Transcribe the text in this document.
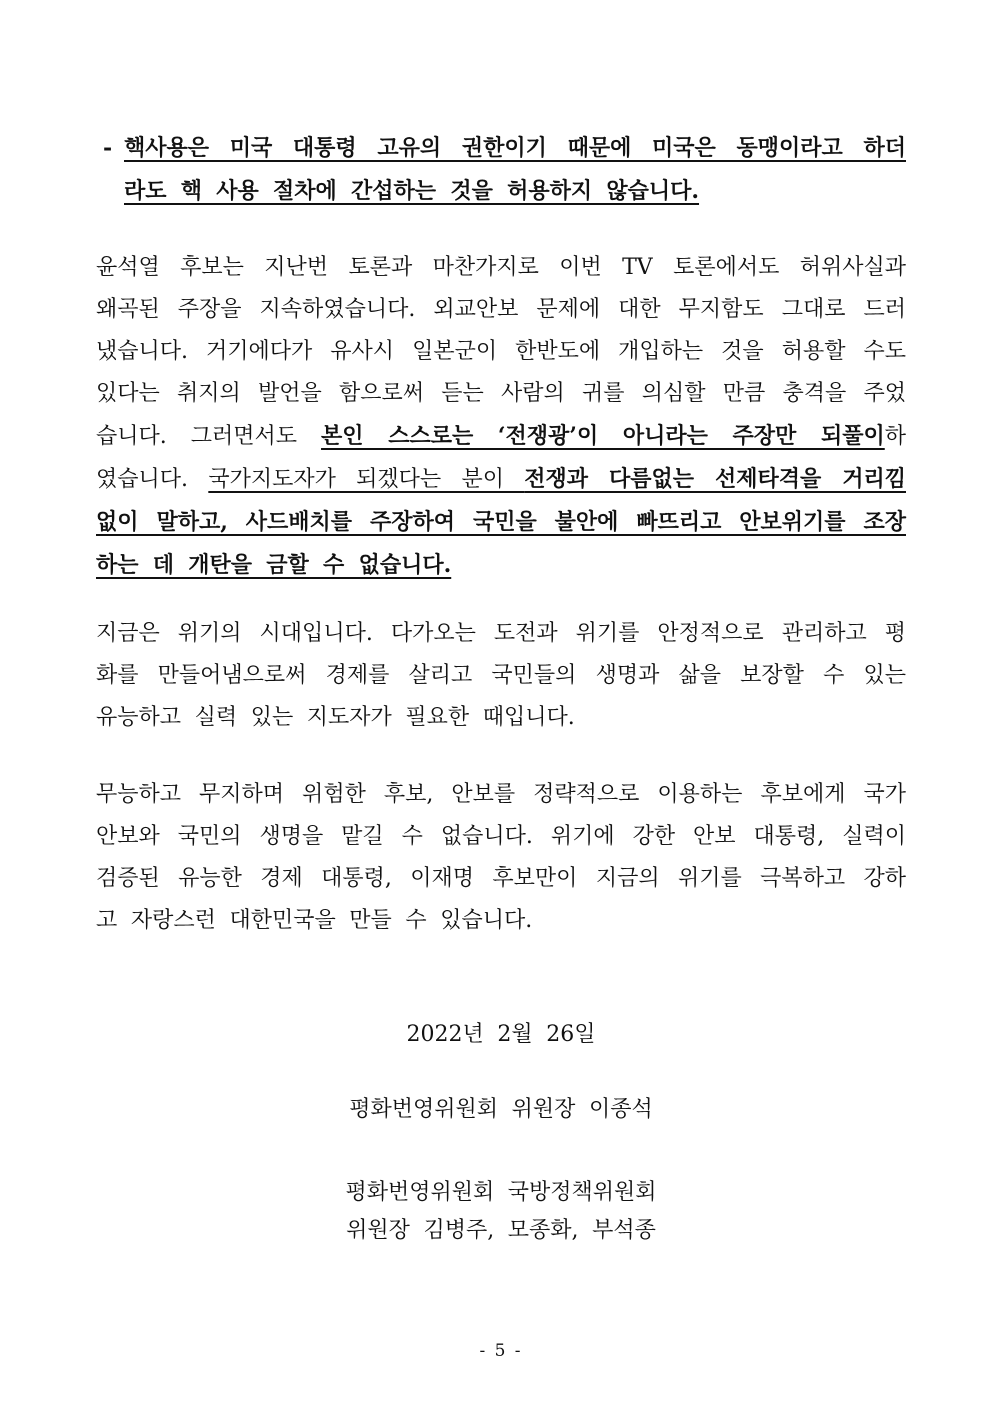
- 핵사용은 미국 대통령 고유의 권한이기 때문에 미국은 동맹이라고 하더
라도 핵 사용 절차에 간섭하는 것을 허용하지 않습니다.
윤석열 후보는 지난번 토론과 마찬가지로 이번 TV 토론에서도 허위사실과
왜곡된 주장을 지속하였습니다. 외교안보 문제에 대한 무지함도 그대로 드러
냈습니다. 거기에다가 유사시 일본군이 한반도에 개입하는 것을 허용할 수도
있다는 취지의 발언을 함으로써 듣는 사람의 귀를 의심할 만큼 충격을 주었
습니다. 그러면서도 본인 스스로는 ‘전쟁광’이 아니라는 주장만 되풀이하
였습니다. 국가지도자가 되겠다는 분이 전쟁과 다름없는 선제타격을 거리낌
없이 말하고, 사드배치를 주장하여 국민을 불안에 빠뜨리고 안보위기를 조장
하는 데 개탄을 금할 수 없습니다.
지금은 위기의 시대입니다. 다가오는 도전과 위기를 안정적으로 관리하고 평
화를 만들어냄으로써 경제를 살리고 국민들의 생명과 삶을 보장할 수 있는
유능하고 실력 있는 지도자가 필요한 때입니다.
무능하고 무지하며 위험한 후보, 안보를 정략적으로 이용하는 후보에게 국가
안보와 국민의 생명을 맡길 수 없습니다. 위기에 강한 안보 대통령, 실력이
검증된 유능한 경제 대통령, 이재명 후보만이 지금의 위기를 극복하고 강하
고 자랑스런 대한민국을 만들 수 있습니다.
2022년 2월 26일
평화번영위원회 위원장 이종석
평화번영위원회 국방정책위원회
위원장 김병주, 모종화, 부석종
- 5 -
